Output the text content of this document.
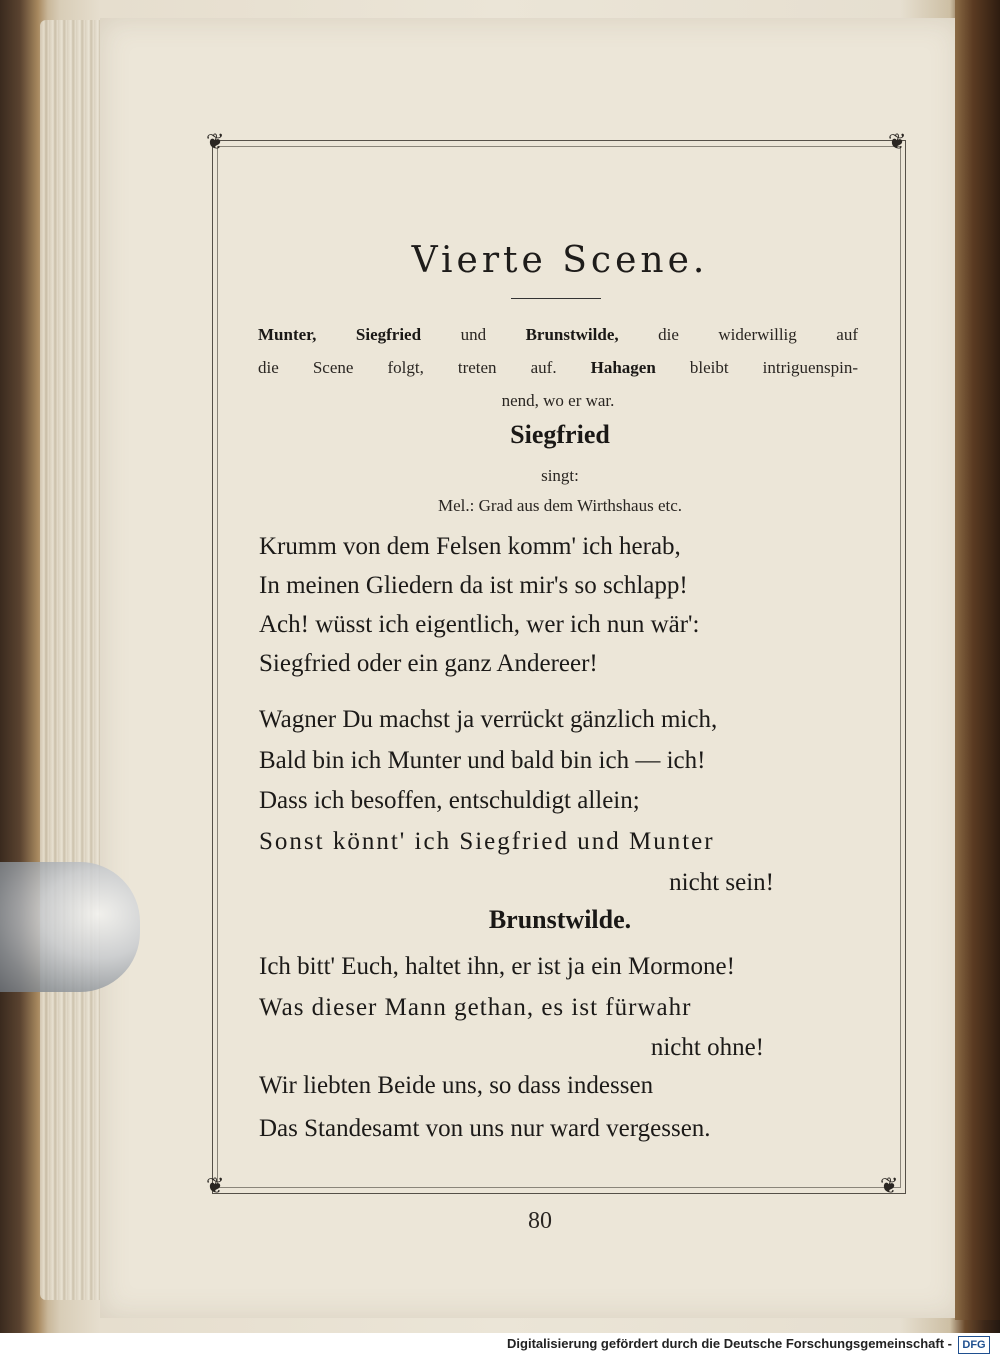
❦	❦
❦	❦
Vierte Scene.
Munter, Siegfried und Brunstwilde, die widerwillig auf
die Scene folgt, treten auf. Hahagen bleibt intriguenspin-
nend, wo er war.
Siegfried
singt:
Mel.: Grad aus dem Wirthshaus etc.
Krumm von dem Felsen komm' ich herab,
In meinen Gliedern da ist mir's so schlapp!
Ach! wüsst ich eigentlich, wer ich nun wär':
Siegfried oder ein ganz Andereer!
Wagner Du machst ja verrückt gänzlich mich,
Bald bin ich Munter und bald bin ich — ich!
Dass ich besoffen, entschuldigt allein;
Sonst könnt' ich Siegfried und Munter
nicht sein!
Brunstwilde.
Ich bitt' Euch, haltet ihn, er ist ja ein Mormone!
Was dieser Mann gethan, es ist fürwahr
nicht ohne!
Wir liebten Beide uns, so dass indessen
Das Standesamt von uns nur ward vergessen.
80
Digitalisierung gefördert durch die Deutsche Forschungsgemeinschaft - DFG
